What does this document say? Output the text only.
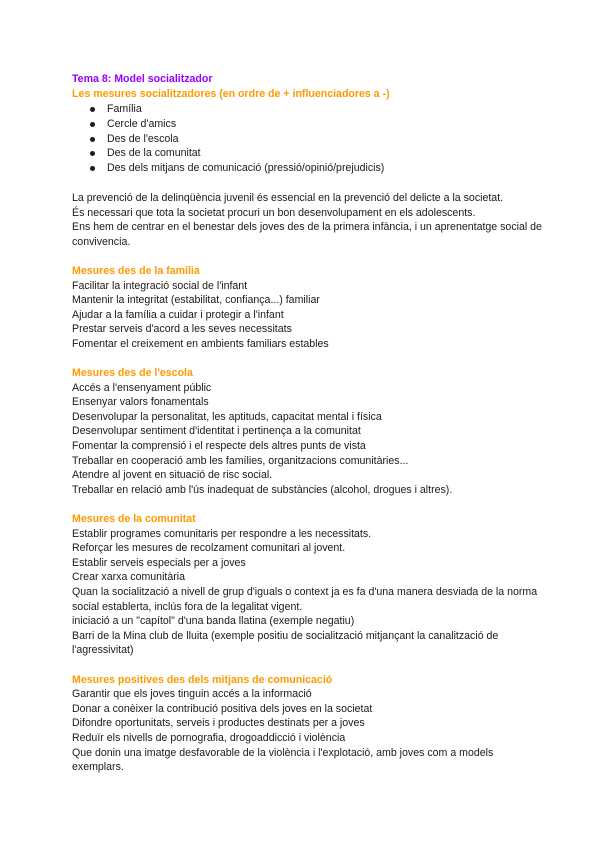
Tema 8: Model socialitzador

Les mesures socialitzadores (en ordre de + influenciadores a -)

Família
Cercle d'amics
Des de l'escola
Des de la comunitat
Des dels mitjans de comunicació (pressió/opinió/prejudicis)

La prevenció de la delinqüència juvenil és essencial en la prevenció del delicte a la societat.

És necessari que tota la societat procuri un bon desenvolupament en els adolescents.

Ens hem de centrar en el benestar dels joves des de la primera infància, i un aprenentatge social de convivencia.

Mesures des de la família

Facilitar la integració social de l'infant

Mantenir la integritat (estabilitat, confiança...) familiar

Ajudar a la família a cuidar i protegir a l'infant

Prestar serveis d'acord a les seves necessitats

Fomentar el creixement en ambients familiars estables

Mesures des de l'escola

Accés a l'ensenyament públic

Ensenyar valors fonamentals

Desenvolupar la personalitat, les aptituds, capacitat mental i física

Desenvolupar sentiment d'identitat i pertinença a la comunitat

Fomentar la comprensió i el respecte dels altres punts de vista

Treballar en cooperació amb les famílies, organitzacions comunitàries...

Atendre al jovent en situació de risc social.

Treballar en relació amb l'ús inadequat de substàncies (alcohol, drogues i altres).

Mesures de la comunitat

Establir programes comunitaris per respondre a les necessitats.

Reforçar les mesures de recolzament comunitari al jovent.

Establir serveis especials per a joves

Crear xarxa comunitària

Quan la socialització a nivell de grup d'iguals o context ja es fa d'una manera desviada de la norma social establerta, inclús fora de la legalitat vigent.

iniciació a un "capítol" d'una banda llatina (exemple negatiu)

Barri de la Mina club de lluita (exemple positiu de socialització mitjançant la canalització de l'agressivitat)

Mesures positives des dels mitjans de comunicació

Garantir que els joves tinguin accés a la informació

Donar a conèixer la contribució positiva dels joves en la societat

Difondre oportunitats, serveis i productes destinats per a joves

Reduïr els nivells de pornografia, drogoaddicció i violència

Que donin una imatge desfavorable de la violència i l'explotació, amb joves com a models exemplars.
